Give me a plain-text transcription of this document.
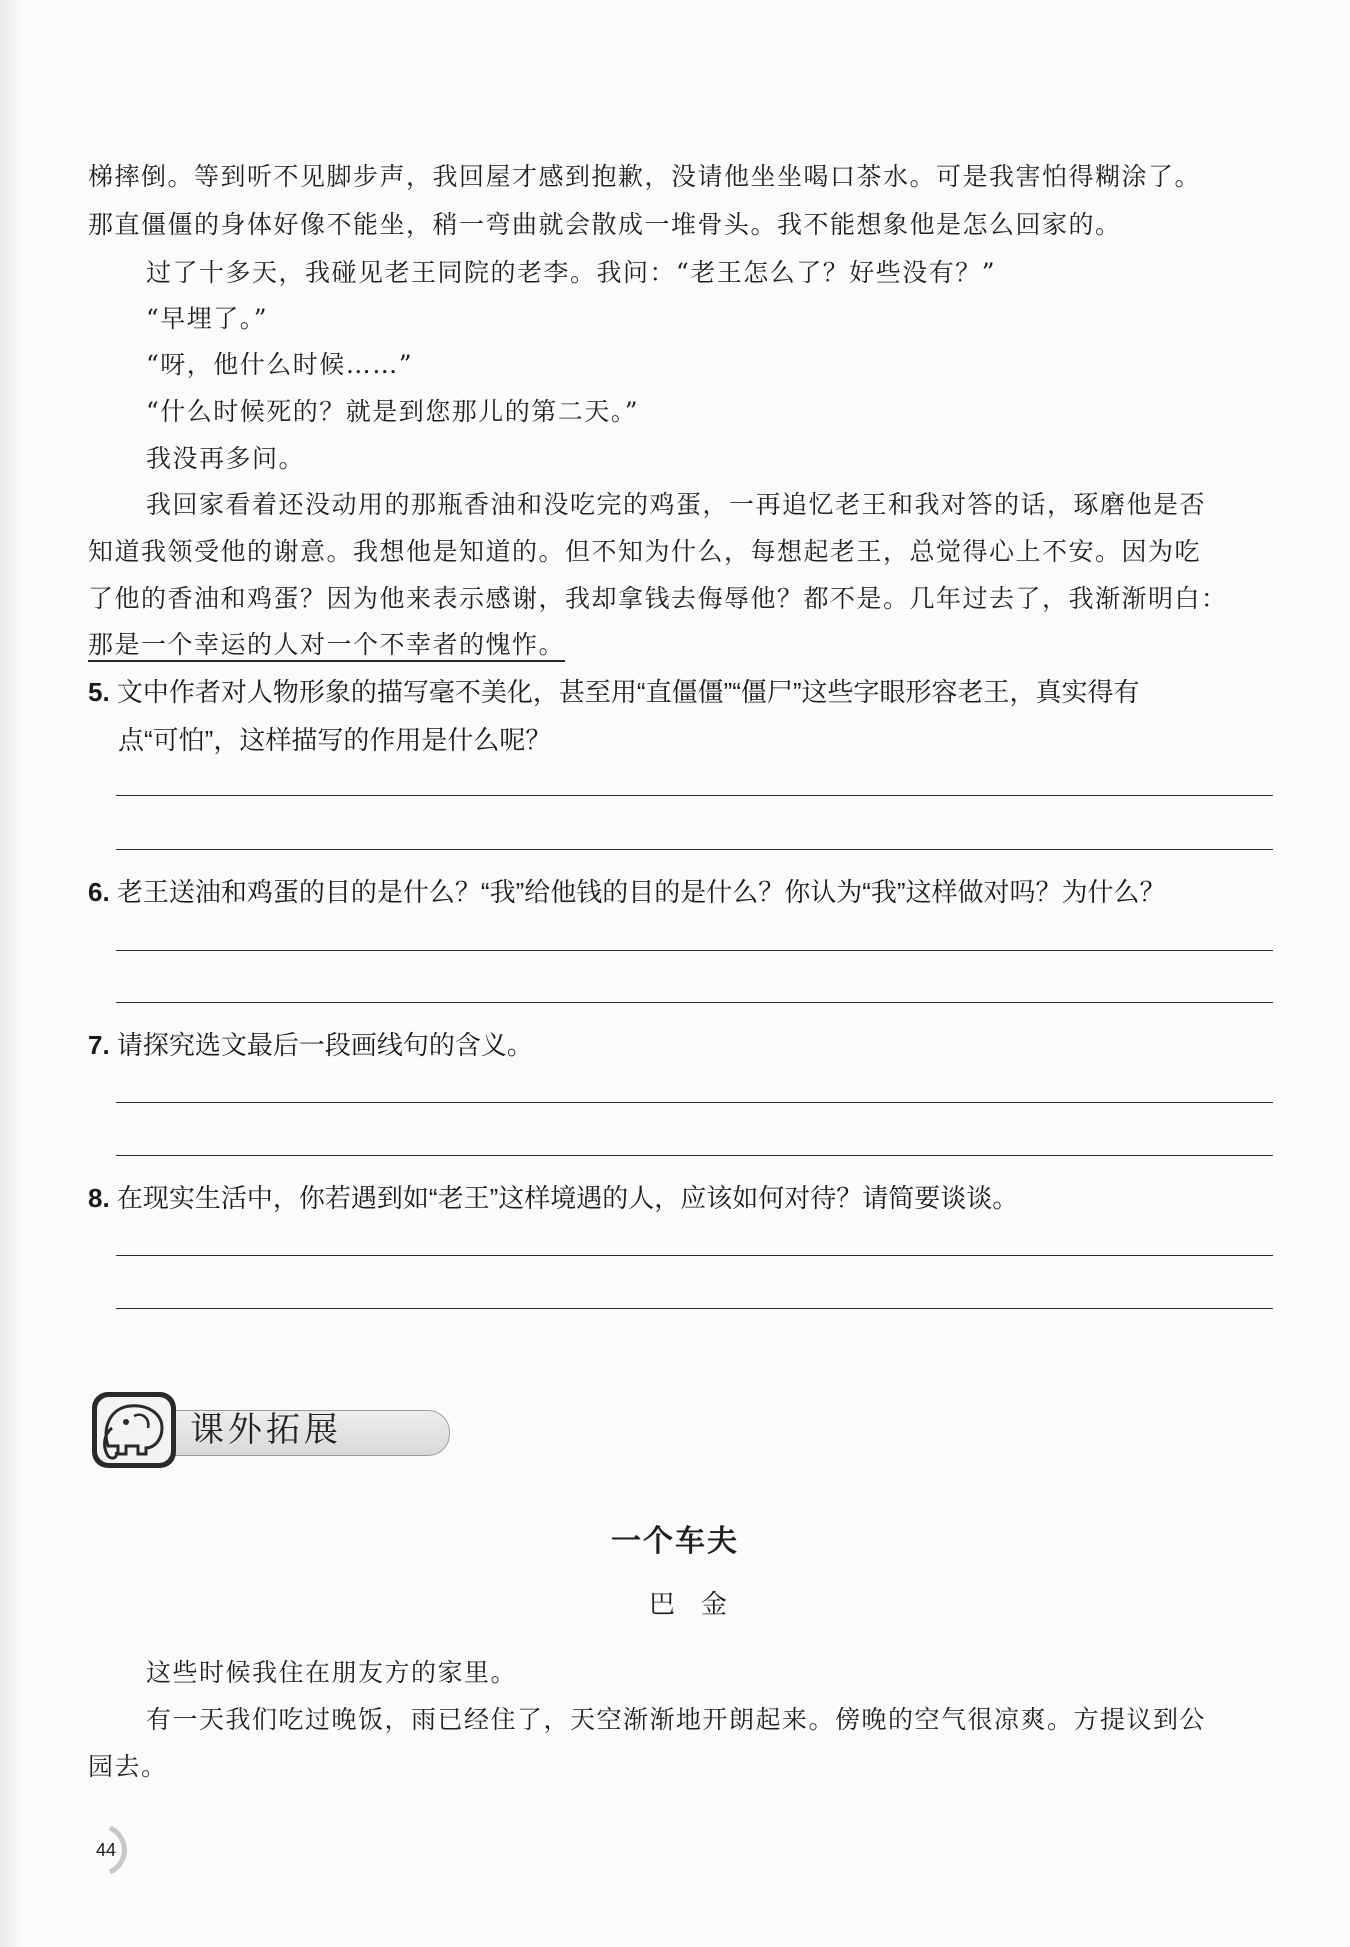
梯摔倒。等到听不见脚步声，我回屋才感到抱歉，没请他坐坐喝口茶水。可是我害怕得糊涂了。
那直僵僵的身体好像不能坐，稍一弯曲就会散成一堆骨头。我不能想象他是怎么回家的。
过了十多天，我碰见老王同院的老李。我问：“老王怎么了？好些没有？”
“早埋了。”
“呀，他什么时候……”
“什么时候死的？就是到您那儿的第二天。”
我没再多问。
我回家看着还没动用的那瓶香油和没吃完的鸡蛋，一再追忆老王和我对答的话，琢磨他是否
知道我领受他的谢意。我想他是知道的。但不知为什么，每想起老王，总觉得心上不安。因为吃
了他的香油和鸡蛋？因为他来表示感谢，我却拿钱去侮辱他？都不是。几年过去了，我渐渐明白：
那是一个幸运的人对一个不幸者的愧怍。
5. 文中作者对人物形象的描写毫不美化，甚至用“直僵僵”“僵尸”这些字眼形容老王，真实得有
点“可怕”，这样描写的作用是什么呢？
6. 老王送油和鸡蛋的目的是什么？“我”给他钱的目的是什么？你认为“我”这样做对吗？为什么？
7. 请探究选文最后一段画线句的含义。
8. 在现实生活中，你若遇到如“老王”这样境遇的人，应该如何对待？请简要谈谈。
课外拓展
一个车夫
巴金
这些时候我住在朋友方的家里。
有一天我们吃过晚饭，雨已经住了，天空渐渐地开朗起来。傍晚的空气很凉爽。方提议到公
园去。
44
